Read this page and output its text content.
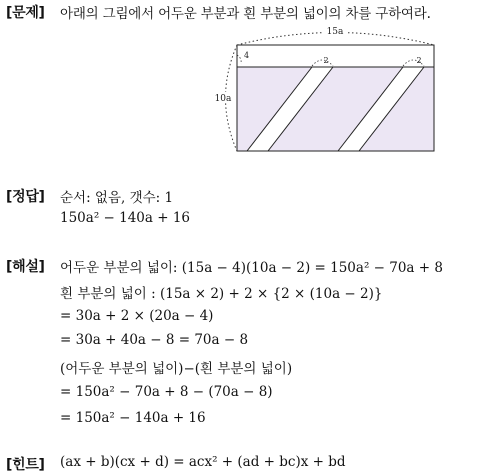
[문제] 아래의 그림에서 어두운 부분과 흰 부분의 넓이의 차를 구하여라.
15a
10a
4
2	2
[정답] 순서: 없음, 갯수: 1
150a² − 140a + 16
[해설] 어두운 부분의 넓이: (15a − 4)(10a − 2) = 150a² − 70a + 8
흰 부분의 넓이 : (15a × 2) + 2 × {2 × (10a − 2)}
= 30a + 2 × (20a − 4)
= 30a + 40a − 8 = 70a − 8
(어두운 부분의 넓이)−(흰 부분의 넓이)
= 150a² − 70a + 8 − (70a − 8)
= 150a² − 140a + 16
[힌트] (ax + b)(cx + d) = acx² + (ad + bc)x + bd
